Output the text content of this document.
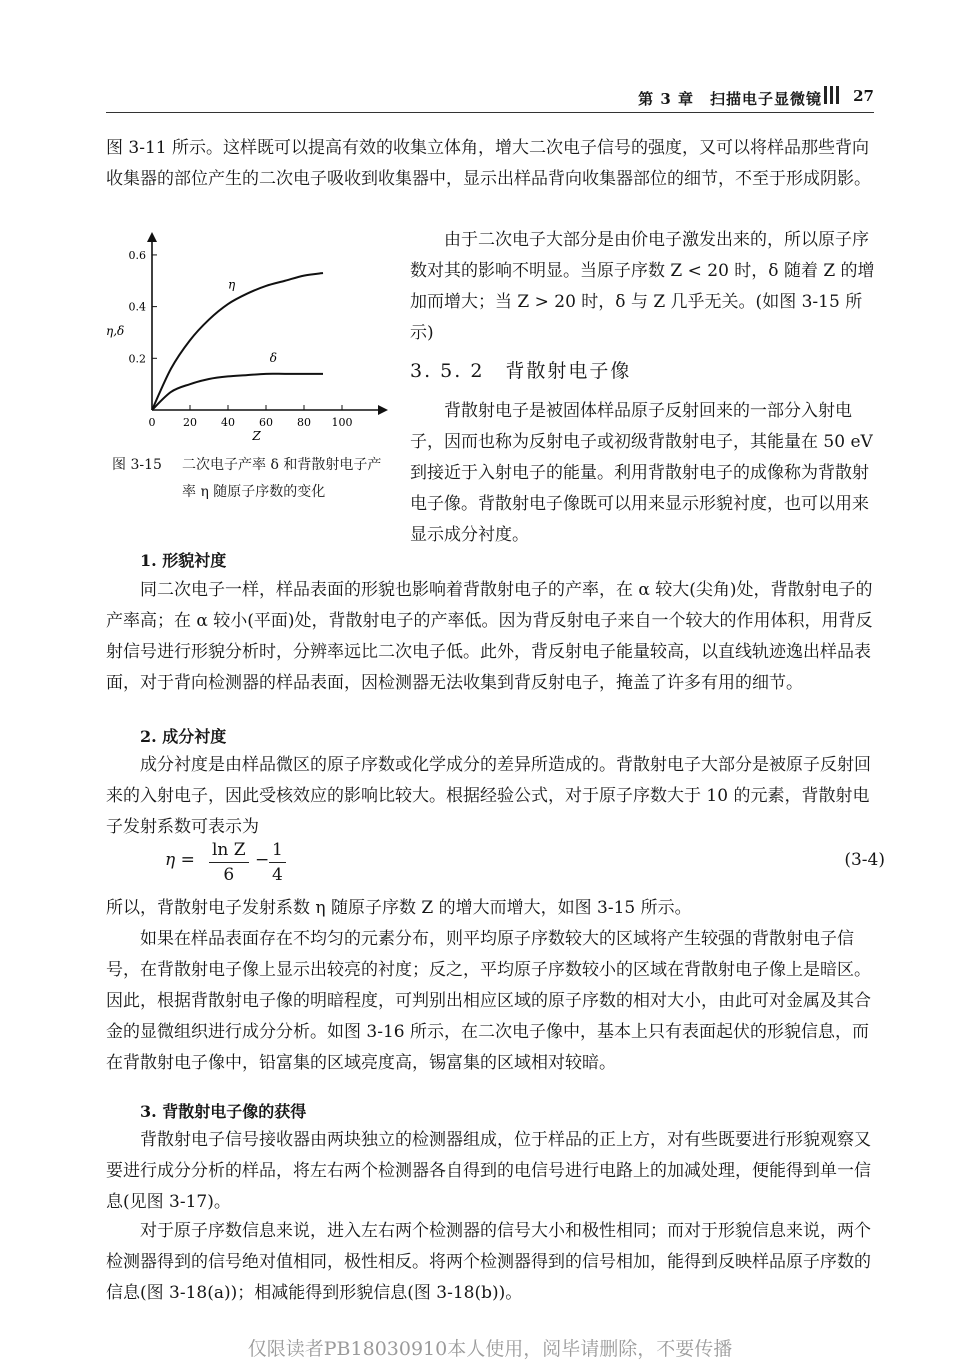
第 3 章　扫描电子显微镜 27

图 3-11 所示。这样既可以提高有效的收集立体角，增大二次电子信号的强度，又可以将样品那些背向收集器的部位产生的二次电子吸收到收集器中，显示出样品背向收集器部位的细节，不至于形成阴影。

0	20 40 60 80 100
0.2
0.4
0.6
Z
η,δ
η
δ
图 3-15 二次电子产率 δ 和背散射电子产率 η 随原子序数的变化

由于二次电子大部分是由价电子激发出来的，所以原子序数对其的影响不明显。当原子序数 Z < 20 时，δ 随着 Z 的增加而增大；当 Z > 20 时，δ 与 Z 几乎无关。(如图 3-15 所示)

3. 5. 2　背散射电子像

背散射电子是被固体样品原子反射回来的一部分入射电子，因而也称为反射电子或初级背散射电子，其能量在 50 eV 到接近于入射电子的能量。利用背散射电子的成像称为背散射电子像。背散射电子像既可以用来显示形貌衬度，也可以用来显示成分衬度。

1. 形貌衬度

同二次电子一样，样品表面的形貌也影响着背散射电子的产率，在 α 较大(尖角)处，背散射电子的产率高；在 α 较小(平面)处，背散射电子的产率低。因为背反射电子来自一个较大的作用体积，用背反射信号进行形貌分析时，分辨率远比二次电子低。此外，背反射电子能量较高，以直线轨迹逸出样品表面，对于背向检测器的样品表面，因检测器无法收集到背反射电子，掩盖了许多有用的细节。

2. 成分衬度

成分衬度是由样品微区的原子序数或化学成分的差异所造成的。背散射电子大部分是被原子反射回来的入射电子，因此受核效应的影响比较大。根据经验公式，对于原子序数大于 10 的元素，背散射电子发射系数可表示为

$\eta = \frac{\text{ln Z}}{6} - \frac{1}{4}$	(3-4)

所以，背散射电子发射系数 η 随原子序数 Z 的增大而增大，如图 3-15 所示。

如果在样品表面存在不均匀的元素分布，则平均原子序数较大的区域将产生较强的背散射电子信号，在背散射电子像上显示出较亮的衬度；反之，平均原子序数较小的区域在背散射电子像上是暗区。因此，根据背散射电子像的明暗程度，可判别出相应区域的原子序数的相对大小，由此可对金属及其合金的显微组织进行成分分析。如图 3-16 所示，在二次电子像中，基本上只有表面起伏的形貌信息，而在背散射电子像中，铅富集的区域亮度高，锡富集的区域相对较暗。

3. 背散射电子像的获得

背散射电子信号接收器由两块独立的检测器组成，位于样品的正上方，对有些既要进行形貌观察又要进行成分分析的样品，将左右两个检测器各自得到的电信号进行电路上的加减处理，便能得到单一信息(见图 3-17)。

对于原子序数信息来说，进入左右两个检测器的信号大小和极性相同；而对于形貌信息来说，两个检测器得到的信号绝对值相同，极性相反。将两个检测器得到的信号相加，能得到反映样品原子序数的信息(图 3-18(a))；相减能得到形貌信息(图 3-18(b))。

仅限读者PB18030910本人使用，阅毕请删除，不要传播
